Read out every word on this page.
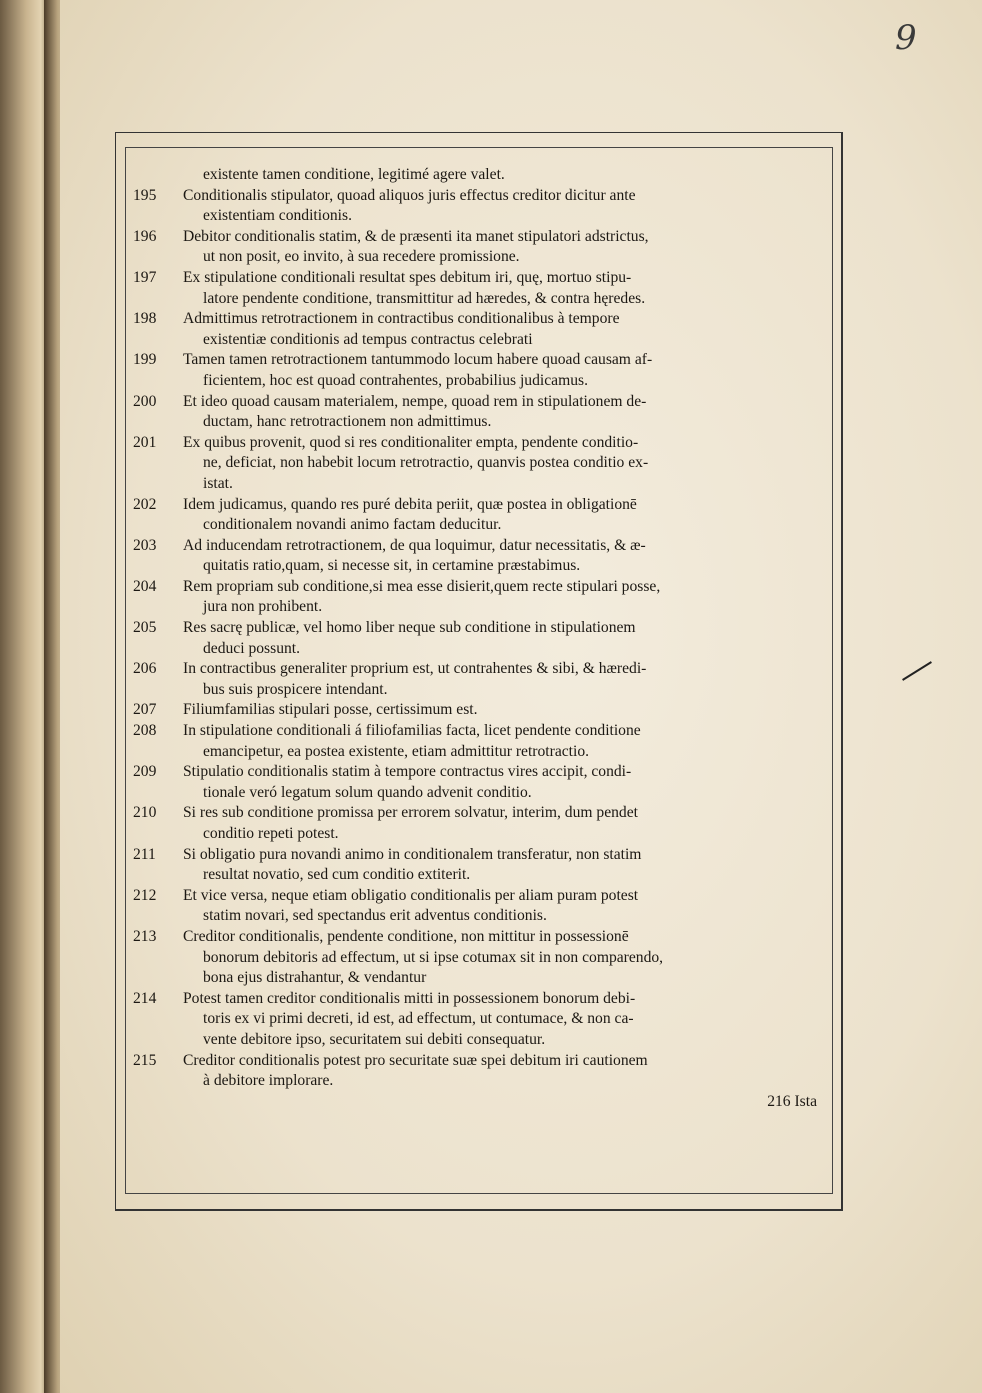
9
existente tamen conditione, legitimé agere valet.
195 Conditionalis stipulator, quoad aliquos juris effectus creditor dicitur ante
existentiam conditionis.
196 Debitor conditionalis statim, & de præsenti ita manet stipulatori adstrictus,
ut non posit, eo invito, à sua recedere promissione.
197 Ex stipulatione conditionali resultat spes debitum iri, quę, mortuo stipu-
latore pendente conditione, transmittitur ad hæredes, & contra hęredes.
198 Admittimus retrotractionem in contractibus conditionalibus à tempore
existentiæ conditionis ad tempus contractus celebrati
199 Tamen tamen retrotractionem tantummodo locum habere quoad causam af-
ficientem, hoc est quoad contrahentes, probabilius judicamus.
200 Et ideo quoad causam materialem, nempe, quoad rem in stipulationem de-
ductam, hanc retrotractionem non admittimus.
201 Ex quibus provenit, quod si res conditionaliter empta, pendente conditio-
ne, deficiat, non habebit locum retrotractio, quanvis postea conditio ex-
istat.
202 Idem judicamus, quando res puré debita periit, quæ postea in obligationē
conditionalem novandi animo factam deducitur.
203 Ad inducendam retrotractionem, de qua loquimur, datur necessitatis, & æ-
quitatis ratio,quam, si necesse sit, in certamine præstabimus.
204 Rem propriam sub conditione,si mea esse disierit,quem recte stipulari posse,
jura non prohibent.
205 Res sacrę publicæ, vel homo liber neque sub conditione in stipulationem
deduci possunt.
206 In contractibus generaliter proprium est, ut contrahentes & sibi, & hæredi-
bus suis prospicere intendant.
207 Filiumfamilias stipulari posse, certissimum est.
208 In stipulatione conditionali á filiofamilias facta, licet pendente conditione
emancipetur, ea postea existente, etiam admittitur retrotractio.
209 Stipulatio conditionalis statim à tempore contractus vires accipit, condi-
tionale veró legatum solum quando advenit conditio.
210 Si res sub conditione promissa per errorem solvatur, interim, dum pendet
conditio repeti potest.
211 Si obligatio pura novandi animo in conditionalem transferatur, non statim
resultat novatio, sed cum conditio extiterit.
212 Et vice versa, neque etiam obligatio conditionalis per aliam puram potest
statim novari, sed spectandus erit adventus conditionis.
213 Creditor conditionalis, pendente conditione, non mittitur in possessionē
bonorum debitoris ad effectum, ut si ipse cotumax sit in non comparendo,
bona ejus distrahantur, & vendantur
214 Potest tamen creditor conditionalis mitti in possessionem bonorum debi-
toris ex vi primi decreti, id est, ad effectum, ut contumace, & non ca-
vente debitore ipso, securitatem sui debiti consequatur.
215 Creditor conditionalis potest pro securitate suæ spei debitum iri cautionem
à debitore implorare.
216 Ista
